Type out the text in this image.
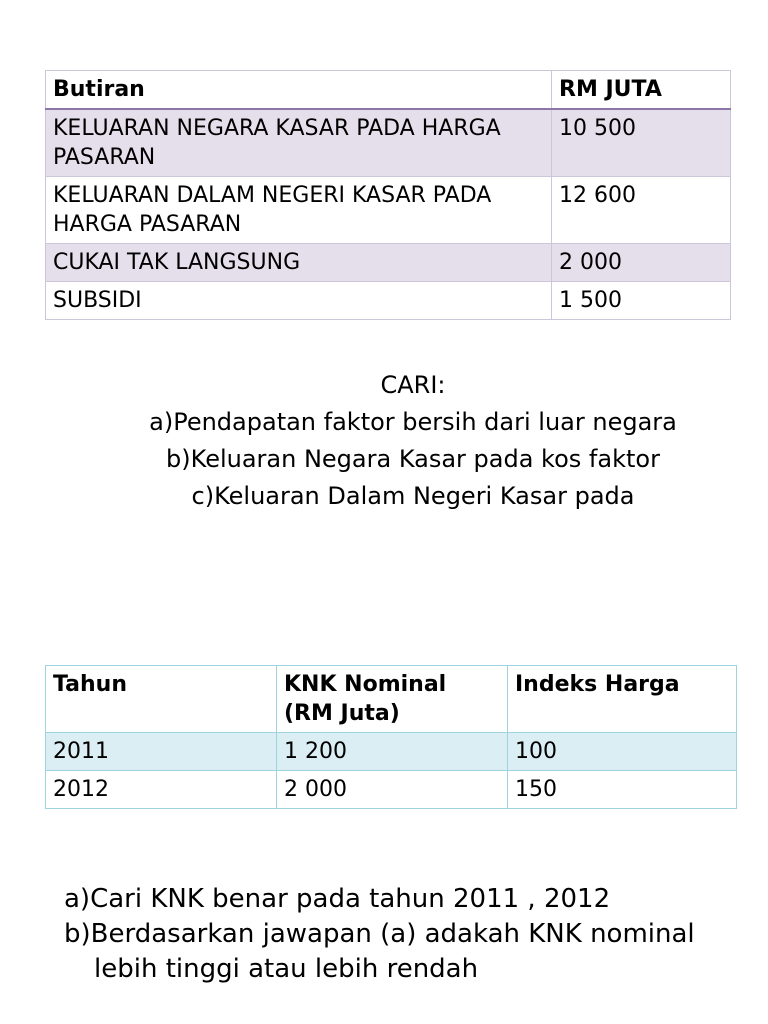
Butiran	RM JUTA
KELUARAN NEGARA KASAR PADA HARGA PASARAN	10 500
KELUARAN DALAM NEGERI KASAR PADA HARGA PASARAN	12 600
CUKAI TAK LANGSUNG	2 000
SUBSIDI	1 500

CARI:

a)Pendapatan faktor bersih dari luar negara

b)Keluaran Negara Kasar pada kos faktor

c)Keluaran Dalam Negeri Kasar pada

Tahun	KNK Nominal (RM Juta)	Indeks Harga
2011	1 200	100
2012	2 000	150
a)Cari KNK benar pada tahun 2011 , 2012
b)Berdasarkan jawapan (a) adakah KNK nominal lebih tinggi atau lebih rendah
